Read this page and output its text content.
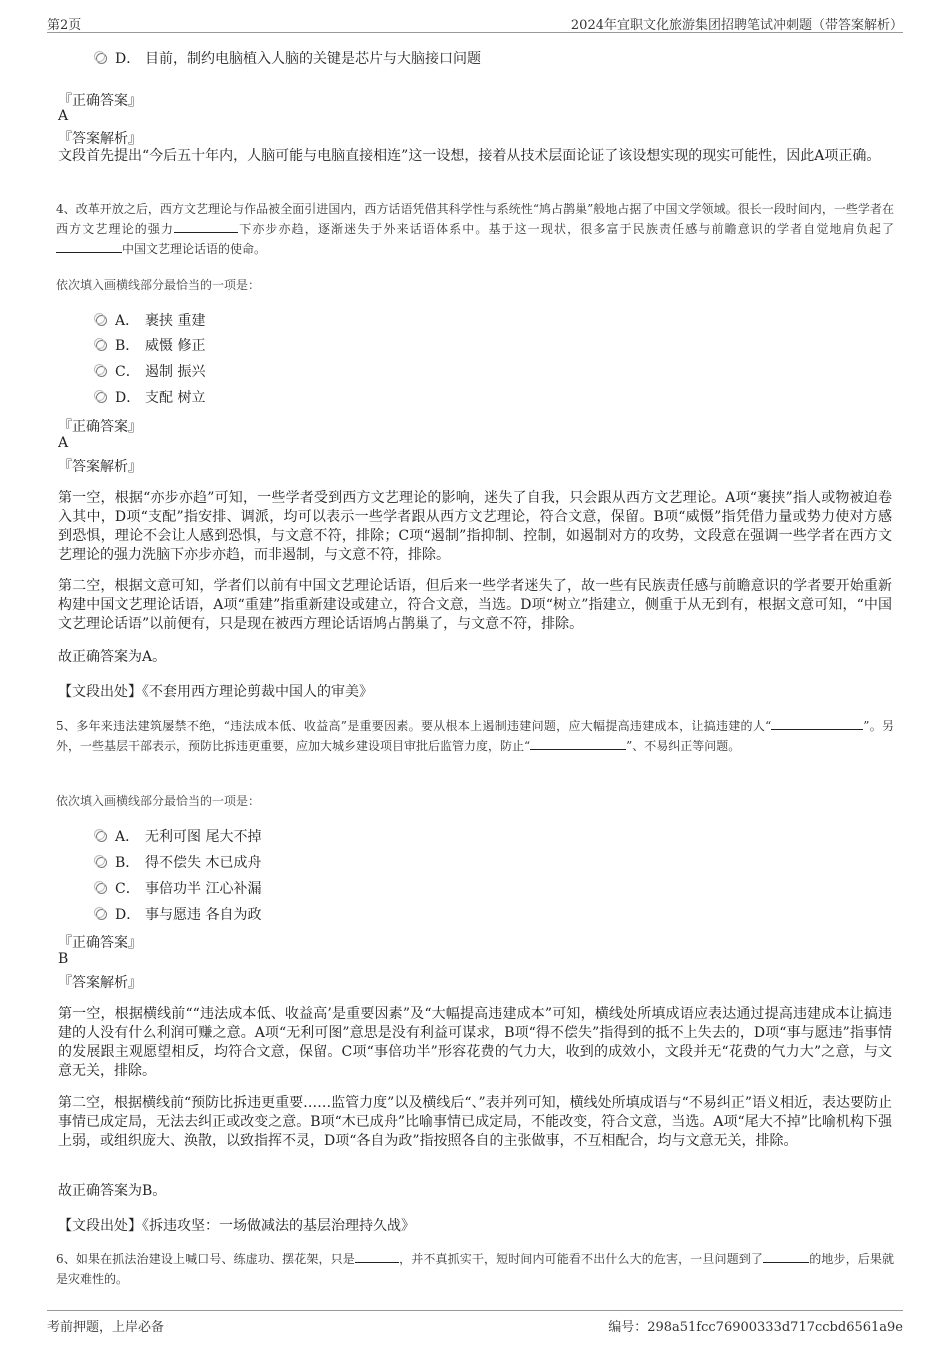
第2页	2024年宜职文化旅游集团招聘笔试冲刺题（带答案解析）
D． 目前，制约电脑植入人脑的关键是芯片与大脑接口问题
『正确答案』
A
『答案解析』
文段首先提出“今后五十年内，人脑可能与电脑直接相连”这一设想，接着从技术层面论证了该设想实现的现实可能性，因此A项正确。
4、改革开放之后，西方文艺理论与作品被全面引进国内，西方话语凭借其科学性与系统性“鸠占鹊巢”般地占据了中国文学领域。很长一段时间内，一些学者在西方文艺理论的强力	下亦步亦趋，逐渐迷失于外来话语体系中。基于这一现状，很多富于民族责任感与前瞻意识的学者自觉地肩负起了中国文艺理论话语的使命。
依次填入画横线部分最恰当的一项是：
A． 裹挟 重建
B． 威慑 修正
C． 遏制 振兴
D． 支配 树立
『正确答案』
A
『答案解析』
第一空，根据“亦步亦趋”可知，一些学者受到西方文艺理论的影响，迷失了自我，只会跟从西方文艺理论。A项“裹挟”指人或物被迫卷入其中，D项“支配”指安排、调派，均可以表示一些学者跟从西方文艺理论，符合文意，保留。B项“威慑”指凭借力量或势力使对方感到恐惧，理论不会让人感到恐惧，与文意不符，排除；C项“遏制”指抑制、控制，如遏制对方的攻势，文段意在强调一些学者在西方文艺理论的强力洗脑下亦步亦趋，而非遏制，与文意不符，排除。
第二空，根据文意可知，学者们以前有中国文艺理论话语，但后来一些学者迷失了，故一些有民族责任感与前瞻意识的学者要开始重新构建中国文艺理论话语，A项“重建”指重新建设或建立，符合文意，当选。D项“树立”指建立，侧重于从无到有，根据文意可知，“中国文艺理论话语”以前便有，只是现在被西方理论话语鸠占鹊巢了，与文意不符，排除。
故正确答案为A。
【文段出处】《不套用西方理论剪裁中国人的审美》
5、多年来违法建筑屡禁不绝，“违法成本低、收益高”是重要因素。要从根本上遏制违建问题，应大幅提高违建成本，让搞违建的人“	”。另外，一些基层干部表示，预防比拆违更重要，应加大城乡建设项目审批后监管力度，防止“	”、不易纠正等问题。
依次填入画横线部分最恰当的一项是：
A． 无利可图 尾大不掉
B． 得不偿失 木已成舟
C． 事倍功半 江心补漏
D． 事与愿违 各自为政
『正确答案』
B
『答案解析』
第一空，根据横线前““违法成本低、收益高’是重要因素”及“大幅提高违建成本”可知，横线处所填成语应表达通过提高违建成本让搞违建的人没有什么利润可赚之意。A项“无利可图”意思是没有利益可谋求，B项“得不偿失”指得到的抵不上失去的，D项“事与愿违”指事情的发展跟主观愿望相反，均符合文意，保留。C项“事倍功半”形容花费的气力大，收到的成效小，文段并无“花费的气力大”之意，与文意无关，排除。
第二空，根据横线前“预防比拆违更重要……监管力度”以及横线后“、”表并列可知，横线处所填成语与“不易纠正”语义相近，表达要防止事情已成定局，无法去纠正或改变之意。B项“木已成舟”比喻事情已成定局，不能改变，符合文意，当选。A项“尾大不掉”比喻机构下强上弱，或组织庞大、涣散，以致指挥不灵，D项“各自为政”指按照各自的主张做事，不互相配合，均与文意无关，排除。
故正确答案为B。
【文段出处】《拆违攻坚：一场做减法的基层治理持久战》
6、如果在抓法治建设上喊口号、练虚功、摆花架，只是	，并不真抓实干，短时间内可能看不出什么大的危害，一旦问题到了	的地步，后果就是灾难性的。
考前押题，上岸必备	编号：298a51fcc76900333d717ccbd6561a9e
